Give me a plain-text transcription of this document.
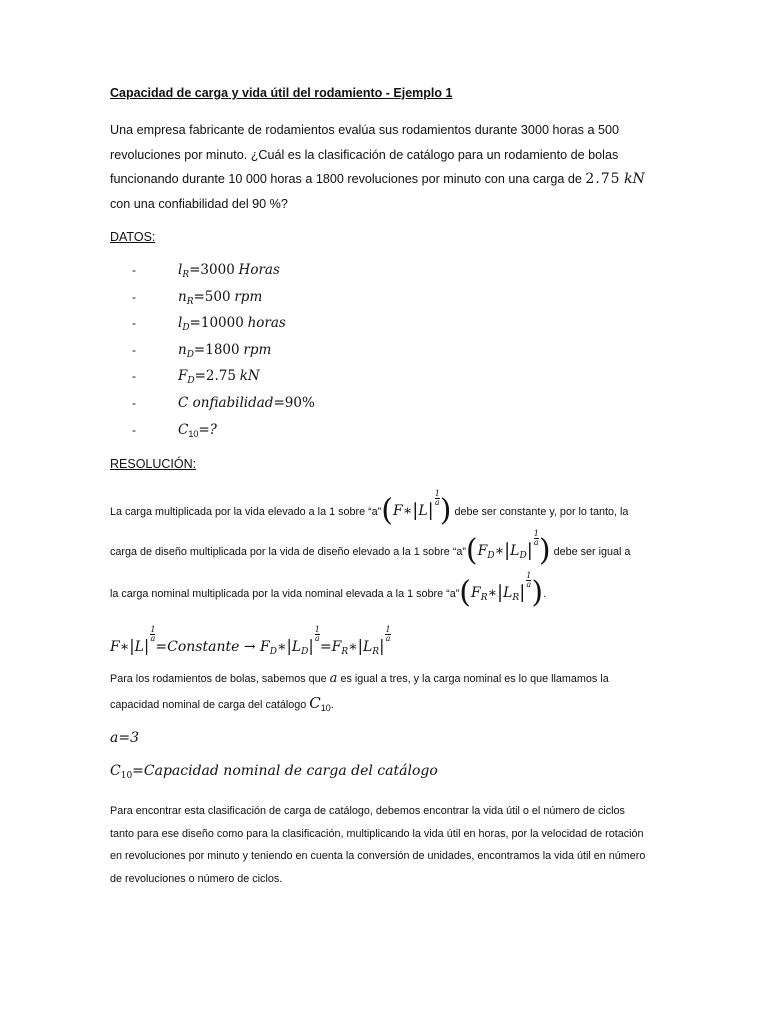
Capacidad de carga y vida útil del rodamiento - Ejemplo 1
Una empresa fabricante de rodamientos evalúa sus rodamientos durante 3000 horas a 500 revoluciones por minuto. ¿Cuál es la clasificación de catálogo para un rodamiento de bolas funcionando durante 10 000 horas a 1800 revoluciones por minuto con una carga de 2.75 kN
con una confiabilidad del 90 %?
DATOS:
-	$l_R=3000$ Horas
-	$n_R=500$ rpm
-	$l_D=10000$ horas
-	$n_D=1800$ rpm
-	$F_D=2.75$ kN
-	C onfiabilidad=90%
-	$C_{10}=$?
RESOLUCIÓN:
La carga multiplicada por la vida elevado a la 1 sobre “a”(F∗|L|
$\frac{1}{a}$ ) debe ser constante y, por lo tanto, la
carga de diseño multiplicada por la vida de diseño elevado a la 1 sobre “$a”(F_D∗|L_D|$
$\frac{1}{a}$ ) debe ser igual a
la carga nominal multiplicada por la vida nominal elevada a la 1 sobre “$a”(F_R∗|L_R|$
$\frac{1}{a}$ ).
F∗|L|
$\frac{1}{a}$
=Constante → $F_D∗|L_D|$
$\frac{1}{a}$
$=F_R∗|L_R|$
$\frac{1}{a}$
Para los rodamientos de bolas, sabemos que a es igual a tres, y la carga nominal es lo que llamamos la
capacidad nominal de carga del catálogo $C_{10}$.
a=3
$C_{10}=Capacidad$ nominal de carga del catálogo
Para encontrar esta clasificación de carga de catálogo, debemos encontrar la vida útil o el número de ciclos tanto para ese diseño como para la clasificación, multiplicando la vida útil en horas, por la velocidad de rotación en revoluciones por minuto y teniendo en cuenta la conversión de unidades, encontramos la vida útil en número de revoluciones o número de ciclos.
